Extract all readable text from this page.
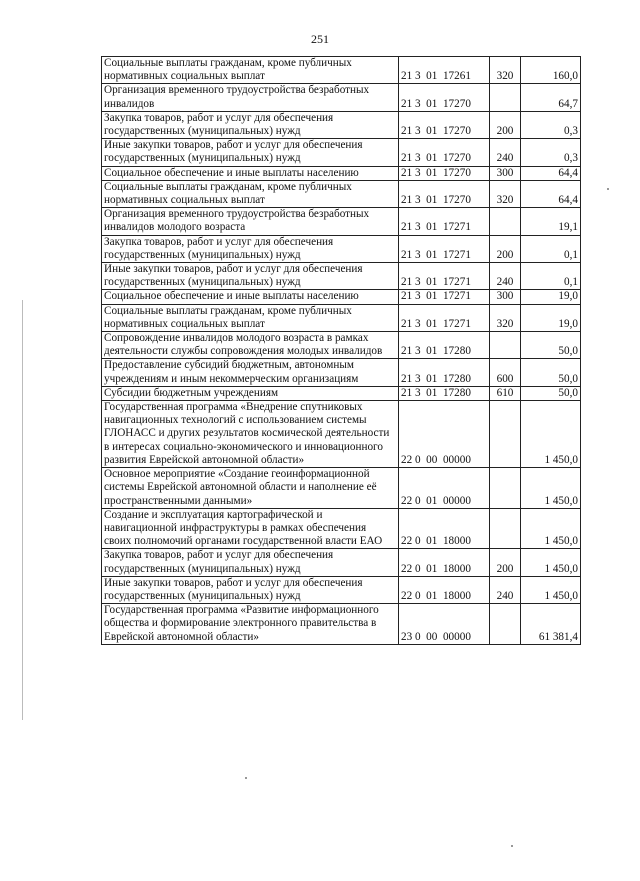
251
Социальные выплаты гражданам, кроме публичных нормативных социальных выплат	21 3  01  17261	320	160,0
Организация временного трудоустройства безработных инвалидов	21 3  01  17270		64,7
Закупка товаров, работ и услуг для обеспечения государственных (муниципальных) нужд	21 3  01  17270	200	0,3
Иные закупки товаров, работ и услуг для обеспечения государственных (муниципальных) нужд	21 3  01  17270	240	0,3
Социальное обеспечение и иные выплаты населению	21 3  01  17270	300	64,4
Социальные выплаты гражданам, кроме публичных нормативных социальных выплат	21 3  01  17270	320	64,4
Организация временного трудоустройства безработных инвалидов молодого возраста	21 3  01  17271		19,1
Закупка товаров, работ и услуг для обеспечения государственных (муниципальных) нужд	21 3  01  17271	200	0,1
Иные закупки товаров, работ и услуг для обеспечения государственных (муниципальных) нужд	21 3  01  17271	240	0,1
Социальное обеспечение и иные выплаты населению	21 3  01  17271	300	19,0
Социальные выплаты гражданам, кроме публичных нормативных социальных выплат	21 3  01  17271	320	19,0
Сопровождение инвалидов молодого возраста в рамках деятельности службы сопровождения молодых инвалидов	21 3  01  17280		50,0
Предоставление субсидий бюджетным, автономным учреждениям и иным некоммерческим организациям	21 3  01  17280	600	50,0
Субсидии бюджетным учреждениям	21 3  01  17280	610	50,0
Государственная программа «Внедрение спутниковых навигационных технологий с использованием системы ГЛОНАСС и других результатов космической деятельности в интересах социально-экономического и инновационного развития Еврейской автономной области»	22 0  00  00000		1 450,0
Основное мероприятие «Создание геоинформационной системы Еврейской автономной области и наполнение её пространственными данными»	22 0  01  00000		1 450,0
Создание и эксплуатация картографической и навигационной инфраструктуры в рамках обеспечения своих полномочий органами государственной власти ЕАО	22 0  01  18000		1 450,0
Закупка товаров, работ и услуг для обеспечения государственных (муниципальных) нужд	22 0  01  18000	200	1 450,0
Иные закупки товаров, работ и услуг для обеспечения государственных (муниципальных) нужд	22 0  01  18000	240	1 450,0
Государственная программа «Развитие информационного общества и формирование электронного правительства в Еврейской автономной области»	23 0  00  00000		61 381,4
